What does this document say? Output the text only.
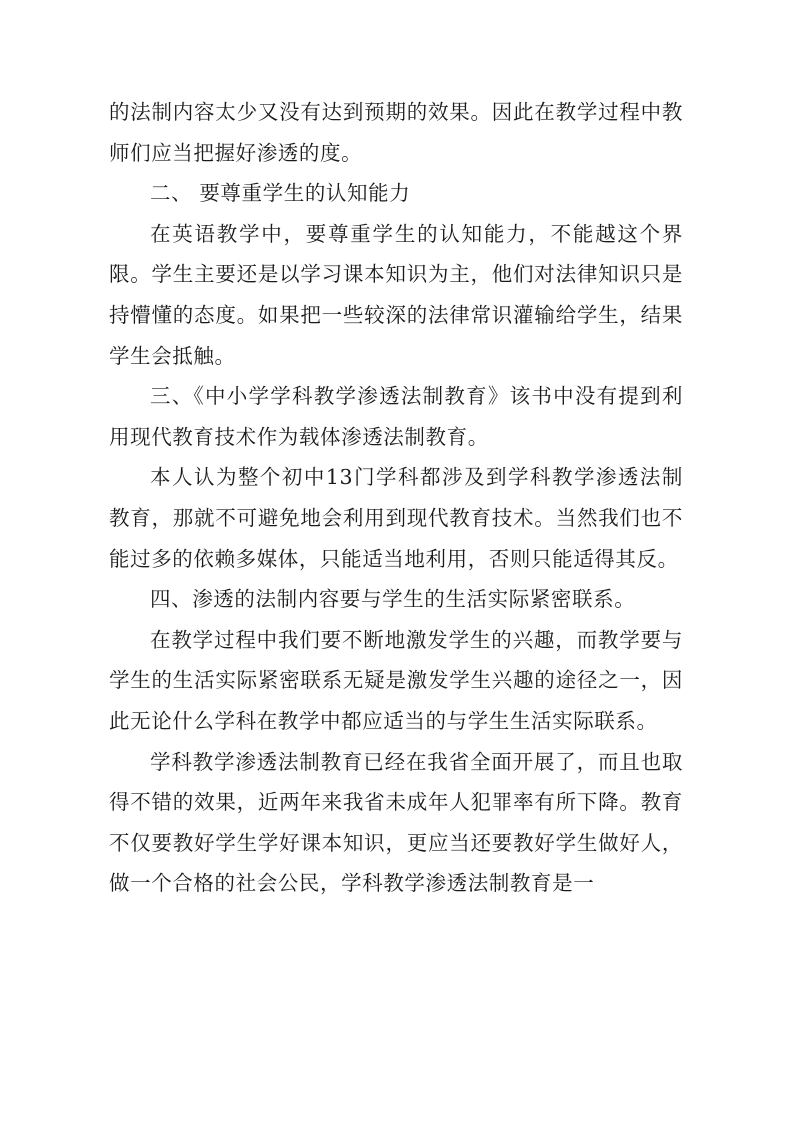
的法制内容太少又没有达到预期的效果。因此在教学过程中教师们应当把握好渗透的度。

二、 要尊重学生的认知能力

在英语教学中，要尊重学生的认知能力，不能越这个界限。学生主要还是以学习课本知识为主，他们对法律知识只是持懵懂的态度。如果把一些较深的法律常识灌输给学生，结果学生会抵触。

三、《中小学学科教学渗透法制教育》该书中没有提到利用现代教育技术作为载体渗透法制教育。

本人认为整个初中13门学科都涉及到学科教学渗透法制教育，那就不可避免地会利用到现代教育技术。当然我们也不能过多的依赖多媒体，只能适当地利用，否则只能适得其反。

四、渗透的法制内容要与学生的生活实际紧密联系。

在教学过程中我们要不断地激发学生的兴趣，而教学要与学生的生活实际紧密联系无疑是激发学生兴趣的途径之一，因此无论什么学科在教学中都应适当的与学生生活实际联系。

学科教学渗透法制教育已经在我省全面开展了，而且也取得不错的效果，近两年来我省未成年人犯罪率有所下降。教育不仅要教好学生学好课本知识，更应当还要教好学生做好人，做一个合格的社会公民，学科教学渗透法制教育是一
